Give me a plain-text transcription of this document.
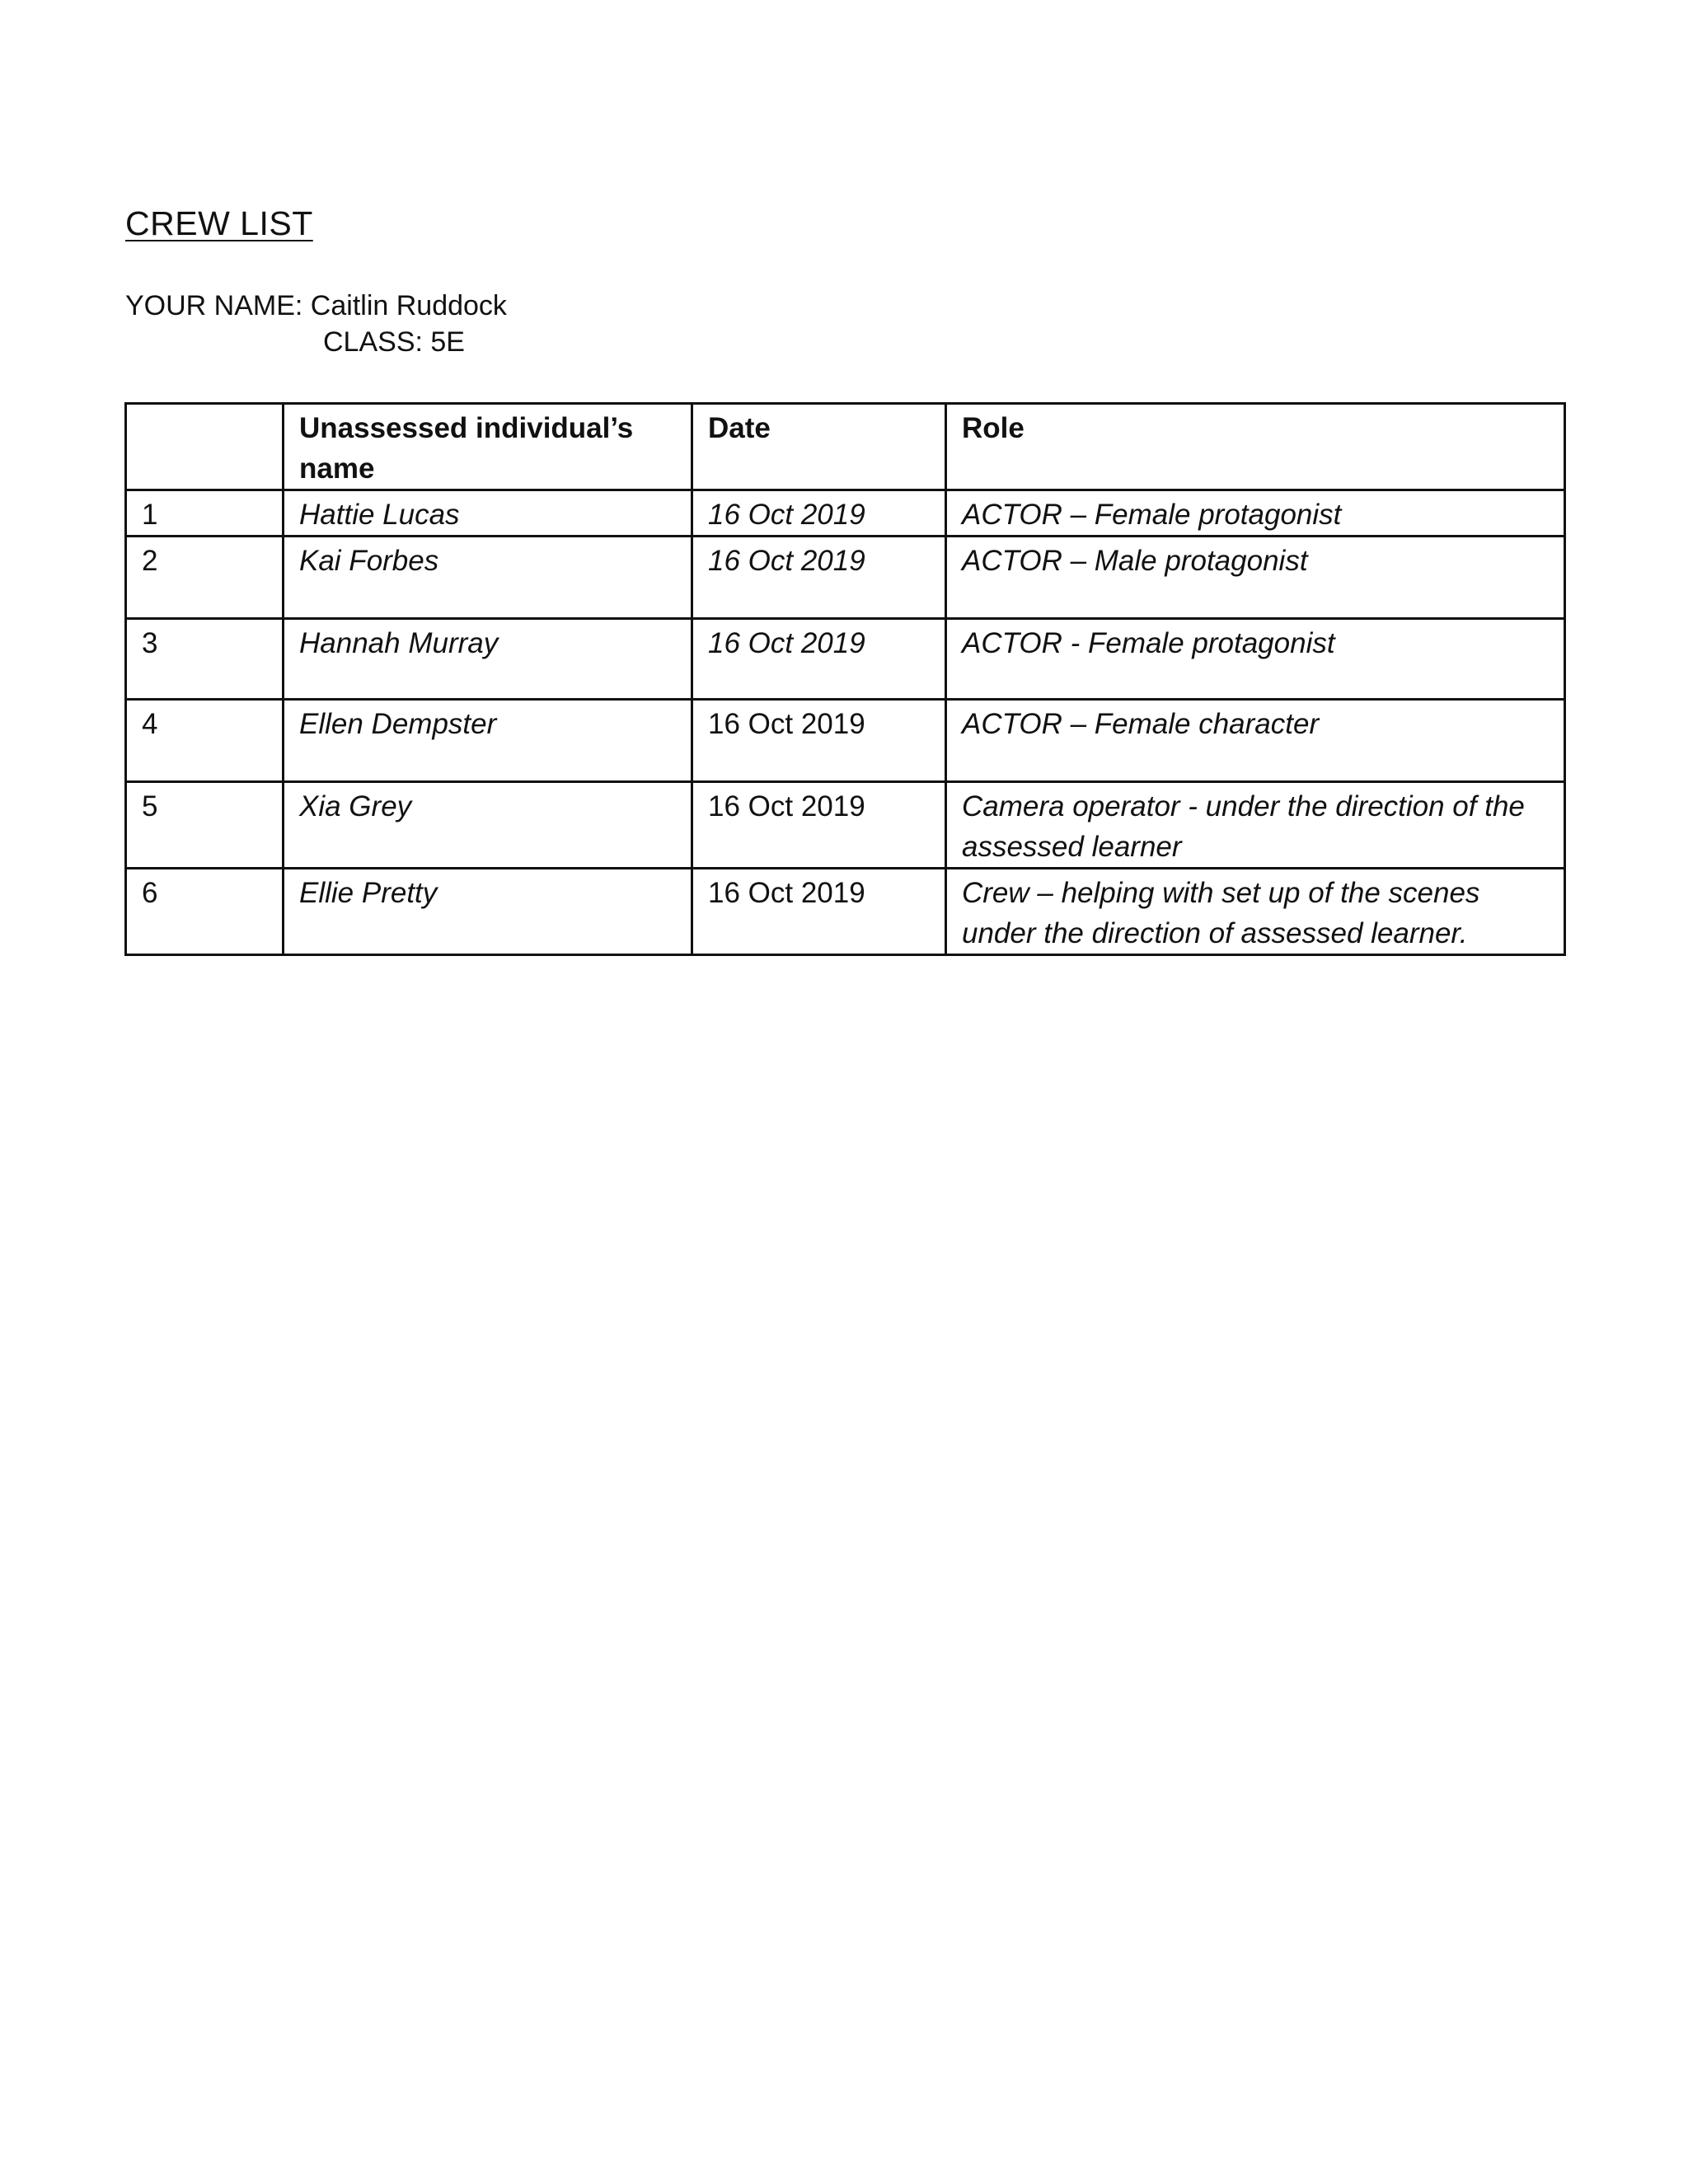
CREW LIST
YOUR NAME: Caitlin Ruddock
CLASS: 5E
	Unassessed individual’s name	Date	Role
1	Hattie Lucas	16 Oct 2019	ACTOR – Female protagonist
2	Kai Forbes	16 Oct 2019	ACTOR – Male protagonist
3	Hannah Murray	16 Oct 2019	ACTOR - Female protagonist
4	Ellen Dempster	16 Oct 2019	ACTOR – Female character
5	Xia Grey	16 Oct 2019	Camera operator - under the direction of the assessed learner
6	Ellie Pretty	16 Oct 2019	Crew – helping with set up of the scenes under the direction of assessed learner.
